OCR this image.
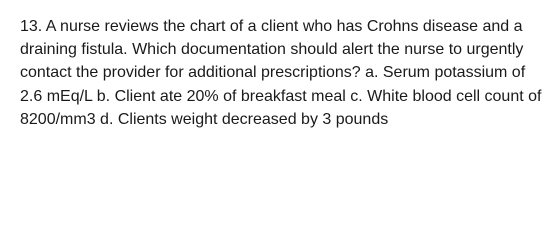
13. A nurse reviews the chart of a client who has Crohns disease and a draining fistula. Which documentation should alert the nurse to urgently contact the provider for additional prescriptions? a. Serum potassium of 2.6 mEq/L b. Client ate 20% of breakfast meal c. White blood cell count of 8200/mm3 d. Clients weight decreased by 3 pounds
